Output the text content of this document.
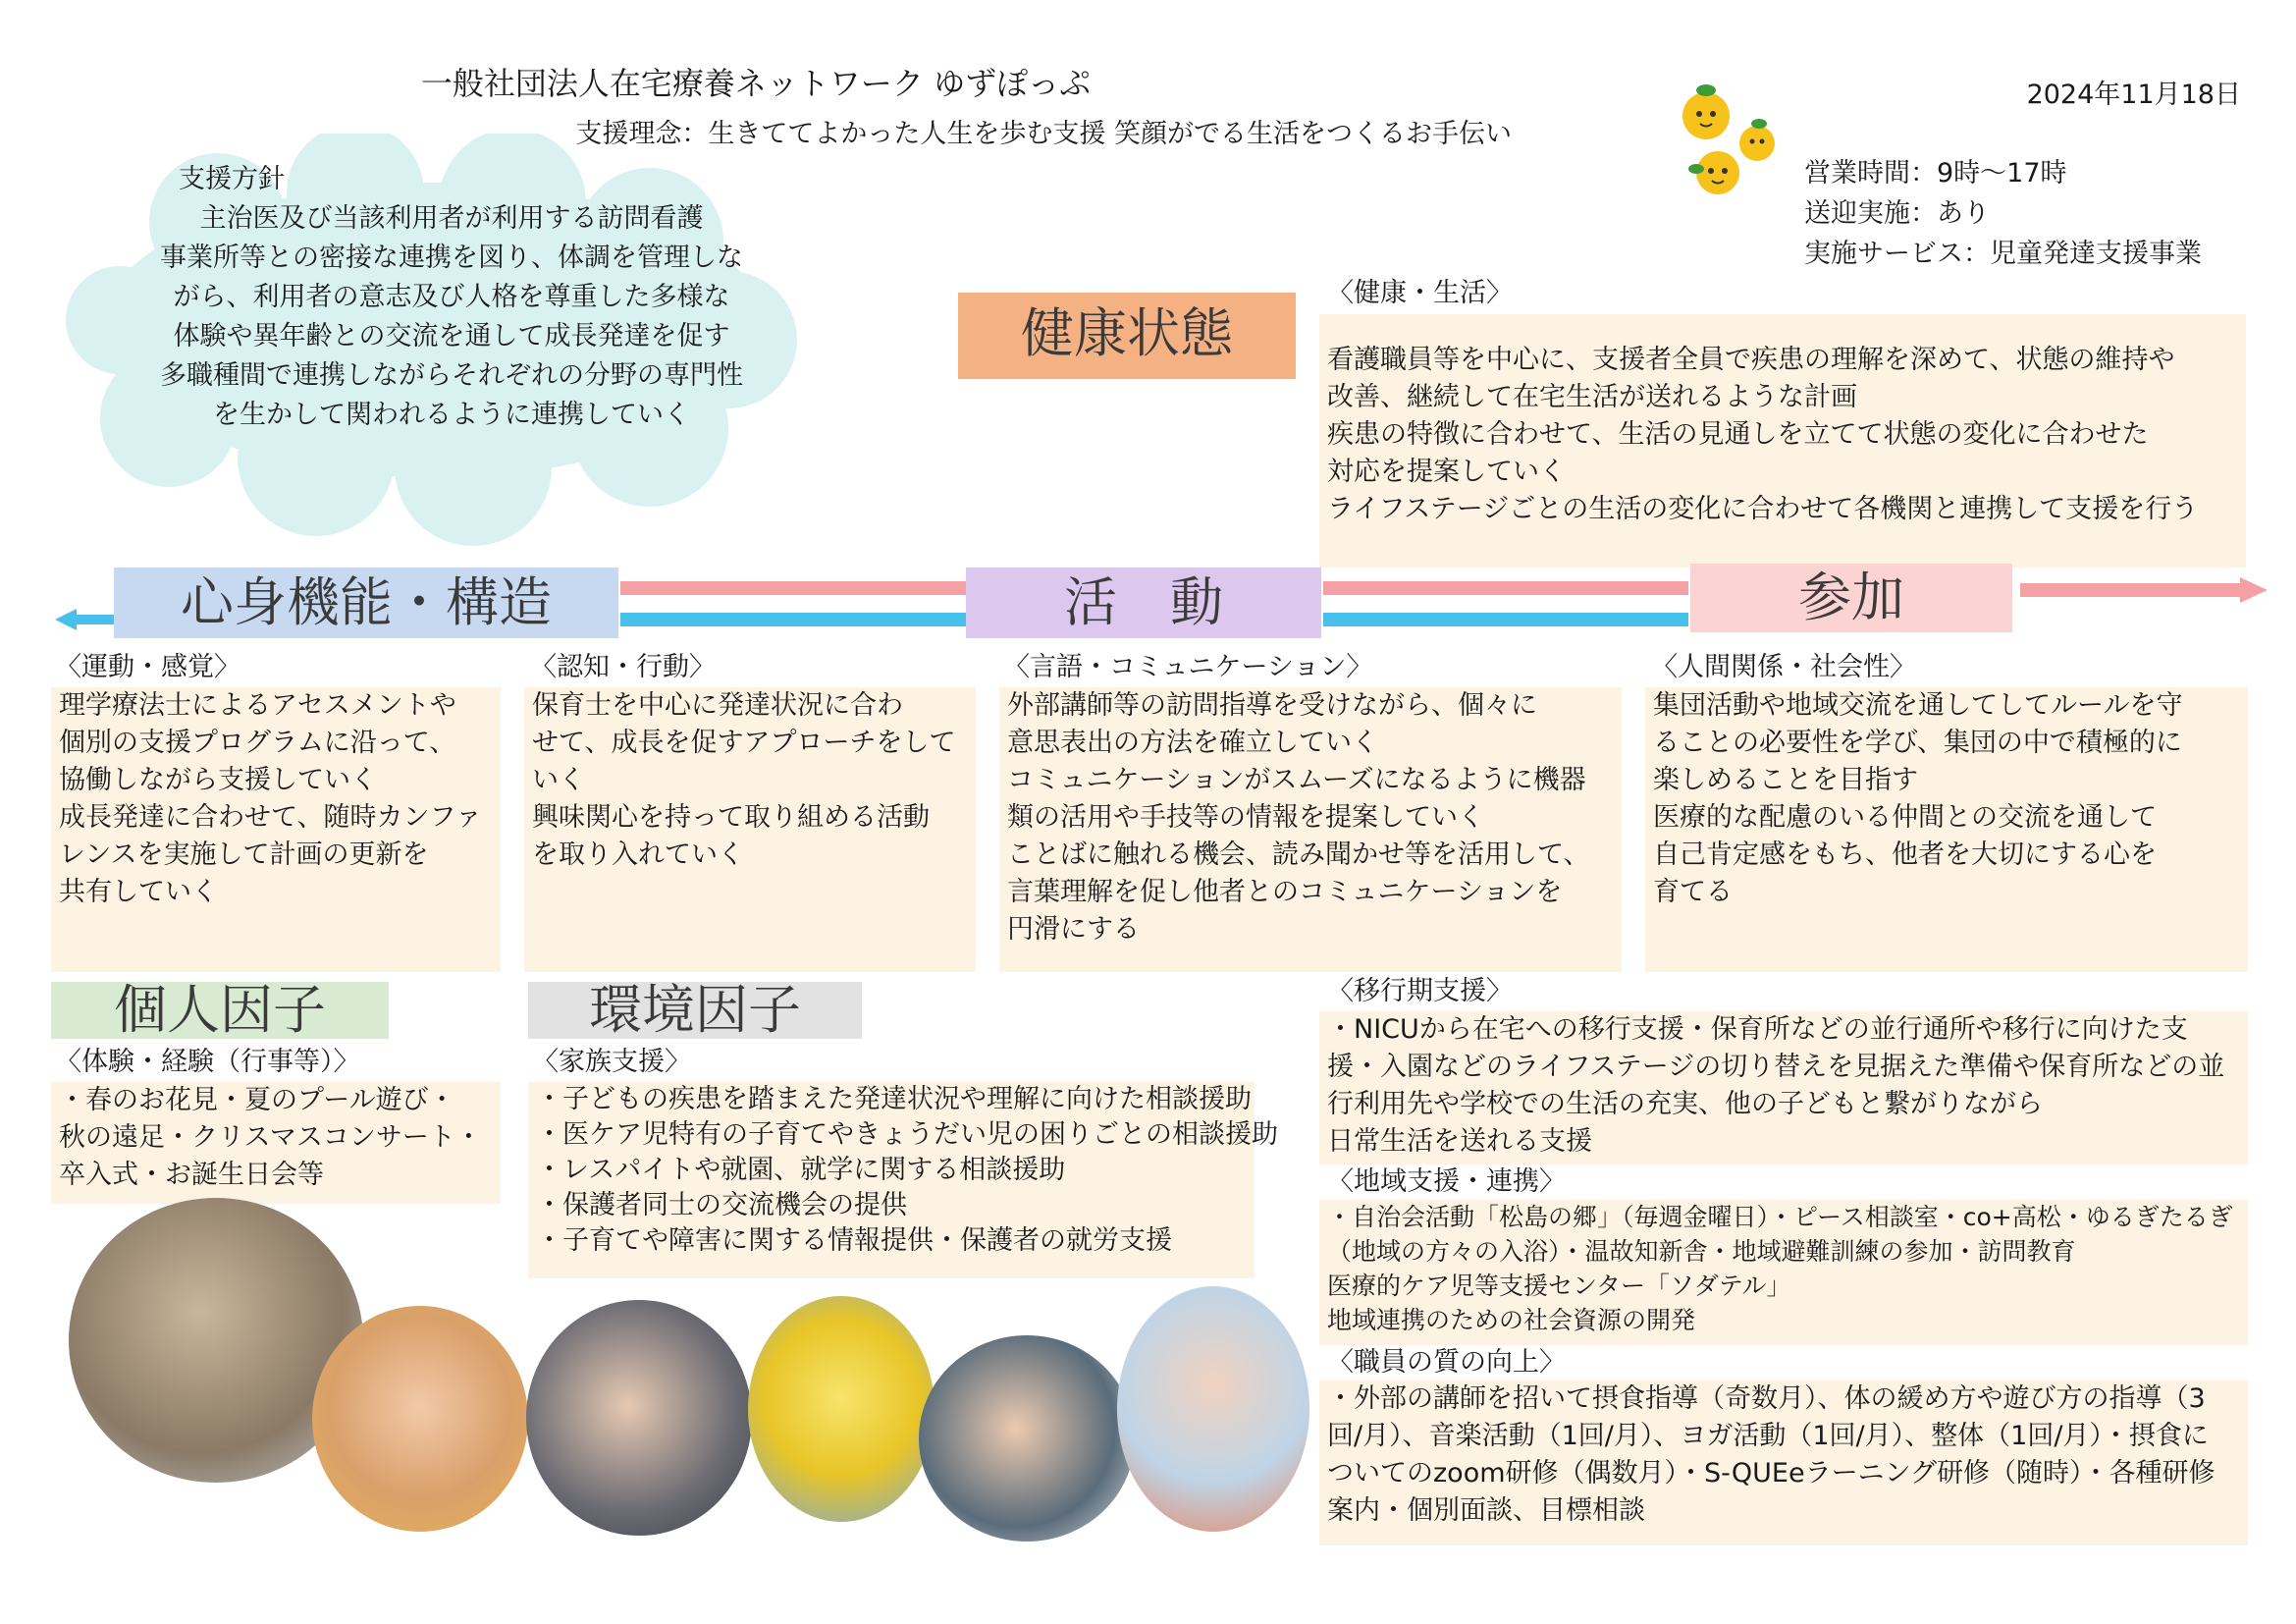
一般社団法人在宅療養ネットワーク ゆずぽっぷ
支援理念：生きててよかった人生を歩む支援 笑顔がでる生活をつくるお手伝い
2024年11月18日
営業時間：9時～17時
送迎実施：あり
実施サービス：児童発達支援事業
支援方針
主治医及び当該利用者が利用する訪問看護
事業所等との密接な連携を図り、体調を管理しな
がら、利用者の意志及び人格を尊重した多様な
体験や異年齢との交流を通して成長発達を促す
多職種間で連携しながらそれぞれの分野の専門性
を生かして関われるように連携していく
健康状態
〈健康・生活〉
看護職員等を中心に、支援者全員で疾患の理解を深めて、状態の維持や
改善、継続して在宅生活が送れるような計画
疾患の特徴に合わせて、生活の見通しを立てて状態の変化に合わせた
対応を提案していく
ライフステージごとの生活の変化に合わせて各機関と連携して支援を行う
心身機能・構造	活　動	参加
〈運動・感覚〉
理学療法士によるアセスメントや
個別の支援プログラムに沿って、
協働しながら支援していく
成長発達に合わせて、随時カンファ
レンスを実施して計画の更新を
共有していく
〈認知・行動〉
保育士を中心に発達状況に合わ
せて、成長を促すアプローチをして
いく
興味関心を持って取り組める活動
を取り入れていく
〈言語・コミュニケーション〉
外部講師等の訪問指導を受けながら、個々に
意思表出の方法を確立していく
コミュニケーションがスムーズになるように機器
類の活用や手技等の情報を提案していく
ことばに触れる機会、読み聞かせ等を活用して、
言葉理解を促し他者とのコミュニケーションを
円滑にする
〈人間関係・社会性〉
集団活動や地域交流を通してしてルールを守
ることの必要性を学び、集団の中で積極的に
楽しめることを目指す
医療的な配慮のいる仲間との交流を通して
自己肯定感をもち、他者を大切にする心を
育てる
個人因子
〈体験・経験（行事等）〉
・春のお花見・夏のプール遊び・
秋の遠足・クリスマスコンサート・
卒入式・お誕生日会等
環境因子
〈家族支援〉
・子どもの疾患を踏まえた発達状況や理解に向けた相談援助
・医ケア児特有の子育てやきょうだい児の困りごとの相談援助
・レスパイトや就園、就学に関する相談援助
・保護者同士の交流機会の提供
・子育てや障害に関する情報提供・保護者の就労支援
〈移行期支援〉
・NICUから在宅への移行支援・保育所などの並行通所や移行に向けた支
援・入園などのライフステージの切り替えを見据えた準備や保育所などの並
行利用先や学校での生活の充実、他の子どもと繋がりながら
日常生活を送れる支援
〈地域支援・連携〉
・自治会活動「松島の郷」（毎週金曜日）・ピース相談室・co+高松・ゆるぎたるぎ
（地域の方々の入浴）・温故知新舎・地域避難訓練の参加・訪問教育
医療的ケア児等支援センター「ソダテル」
地域連携のための社会資源の開発
〈職員の質の向上〉
・外部の講師を招いて摂食指導（奇数月）、体の緩め方や遊び方の指導（3
回/月）、音楽活動（1回/月）、ヨガ活動（1回/月）、整体（1回/月）・摂食に
ついてのzoom研修（偶数月）・S-QUEeラーニング研修（随時）・各種研修
案内・個別面談、目標相談
